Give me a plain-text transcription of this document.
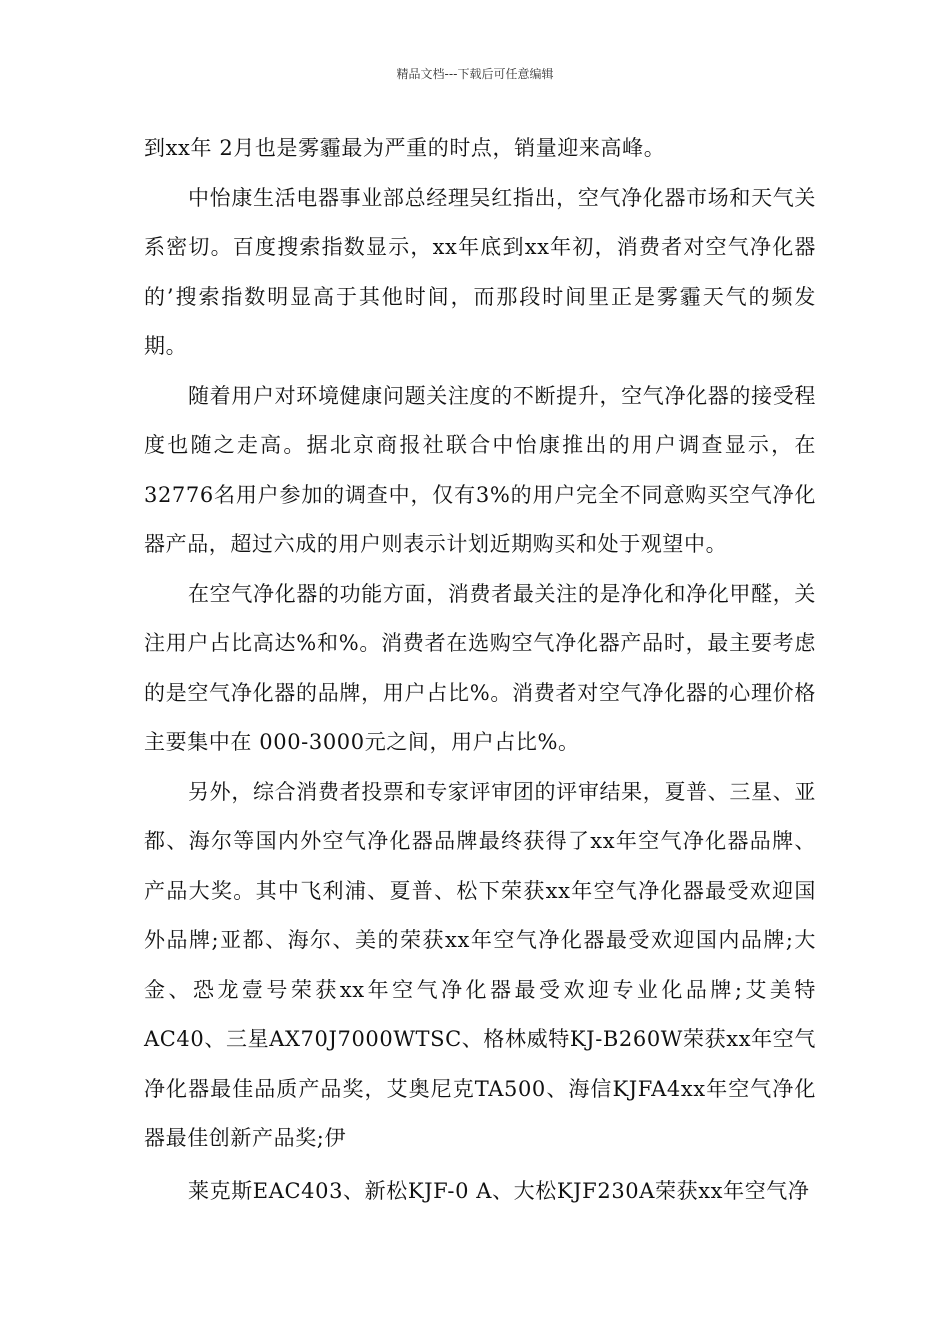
精品文档---下载后可任意编辑

到xx年 2月也是雾霾最为严重的时点，销量迎来高峰。

中怡康生活电器事业部总经理吴红指出，空气净化器市场和天气关系密切。百度搜索指数显示，xx年底到xx年初，消费者对空气净化器的’搜索指数明显高于其他时间，而那段时间里正是雾霾天气的频发期。

随着用户对环境健康问题关注度的不断提升，空气净化器的接受程度也随之走高。据北京商报社联合中怡康推出的用户调查显示，在32776名用户参加的调查中，仅有3%的用户完全不同意购买空气净化器产品，超过六成的用户则表示计划近期购买和处于观望中。

在空气净化器的功能方面，消费者最关注的是净化和净化甲醛，关注用户占比高达%和%。消费者在选购空气净化器产品时，最主要考虑的是空气净化器的品牌，用户占比%。消费者对空气净化器的心理价格主要集中在 000-3000元之间，用户占比%。

另外，综合消费者投票和专家评审团的评审结果，夏普、三星、亚都、海尔等国内外空气净化器品牌最终获得了xx年空气净化器品牌、产品大奖。其中飞利浦、夏普、松下荣获xx年空气净化器最受欢迎国外品牌;亚都、海尔、美的荣获xx年空气净化器最受欢迎国内品牌;大金、恐龙壹号荣获xx年空气净化器最受欢迎专业化品牌;艾美特AC40、三星AX70J7000WTSC、格林威特KJ-B260W荣获xx年空气净化器最佳品质产品奖，艾奥尼克TA500、海信KJFA4xx年空气净化器最佳创新产品奖;伊

莱克斯EAC403、新松KJF-0 A、大松KJF230A荣获xx年空气净
